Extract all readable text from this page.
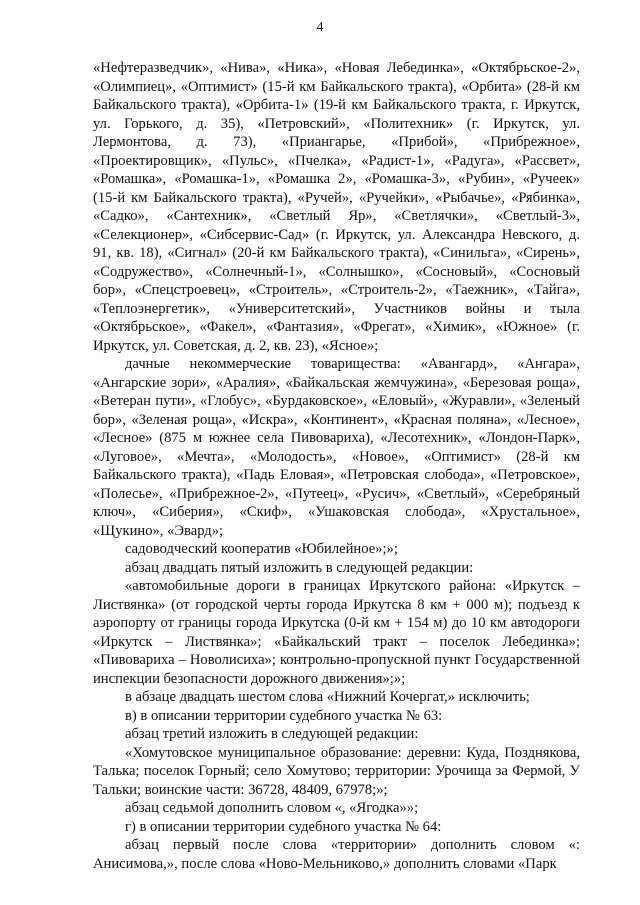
4

«Нефтеразведчик», «Нива», «Ника», «Новая Лебединка», «Октябрьское-2», «Олимпиец», «Оптимист» (15-й км Байкальского тракта), «Орбита» (28-й км Байкальского тракта), «Орбита-1» (19-й км Байкальского тракта, г. Иркутск, ул. Горького, д. 35), «Петровский», «Политехник» (г. Иркутск, ул. Лермонтова, д. 73), «Приангарье, «Прибой», «Прибрежное», «Проектировщик», «Пульс», «Пчелка», «Радист-1», «Радуга», «Рассвет», «Ромашка», «Ромашка-1», «Ромашка 2», «Ромашка-3», «Рубин», «Ручеек» (15-й км Байкальского тракта), «Ручей», «Ручейки», «Рыбачье», «Рябинка», «Садко», «Сантехник», «Светлый Яр», «Светлячки», «Светлый-3», «Селекционер», «Сибсервис-Сад» (г. Иркутск, ул. Александра Невского, д. 91, кв. 18), «Сигнал» (20-й км Байкальского тракта), «Синильга», «Сирень», «Содружество», «Солнечный-1», «Солнышко», «Сосновый», «Сосновый бор», «Спецстроевец», «Строитель», «Строитель-2», «Таежник», «Тайга», «Теплоэнергетик», «Университетский», Участников войны и тыла «Октябрьское», «Факел», «Фантазия», «Фрегат», «Химик», «Южное» (г. Иркутск, ул. Советская, д. 2, кв. 23), «Ясное»;

дачные некоммерческие товарищества: «Авангард», «Ангара», «Ангарские зори», «Аралия», «Байкальская жемчужина», «Березовая роща», «Ветеран пути», «Глобус», «Бурдаковское», «Еловый», «Журавли», «Зеленый бор», «Зеленая роща», «Искра», «Континент», «Красная поляна», «Лесное», «Лесное» (875 м южнее села Пивовариха), «Лесотехник», «Лондон-Парк», «Луговое», «Мечта», «Молодость», «Новое», «Оптимист» (28-й км Байкальского тракта), «Падь Еловая», «Петровская слобода», «Петровское», «Полесье», «Прибрежное-2», «Путеец», «Русич», «Светлый», «Серебряный ключ», «Сиберия», «Скиф», «Ушаковская слобода», «Хрустальное», «Щукино», «Эвард»;

садоводческий кооператив «Юбилейное»;»;

абзац двадцать пятый изложить в следующей редакции:

«автомобильные дороги в границах Иркутского района: «Иркутск – Листвянка» (от городской черты города Иркутска 8 км + 000 м); подъезд к аэропорту от границы города Иркутска (0-й км + 154 м) до 10 км автодороги «Иркутск – Листвянка»; «Байкальский тракт – поселок Лебединка»; «Пивовариха – Новолисиха»; контрольно-пропускной пункт Государственной инспекции безопасности дорожного движения»;»;

в абзаце двадцать шестом слова «Нижний Кочергат,» исключить;

в) в описании территории судебного участка № 63:

абзац третий изложить в следующей редакции:

«Хомутовское муниципальное образование: деревни: Куда, Позднякова, Талька; поселок Горный; село Хомутово; территории: Урочища за Фермой, У Тальки; воинские части: 36728, 48409, 67978;»;

абзац седьмой дополнить словом «, «Ягодка»»;

г) в описании территории судебного участка № 64:

абзац первый после слова «территории» дополнить словом «: Анисимова,», после слова «Ново-Мельниково,» дополнить словами «Парк
